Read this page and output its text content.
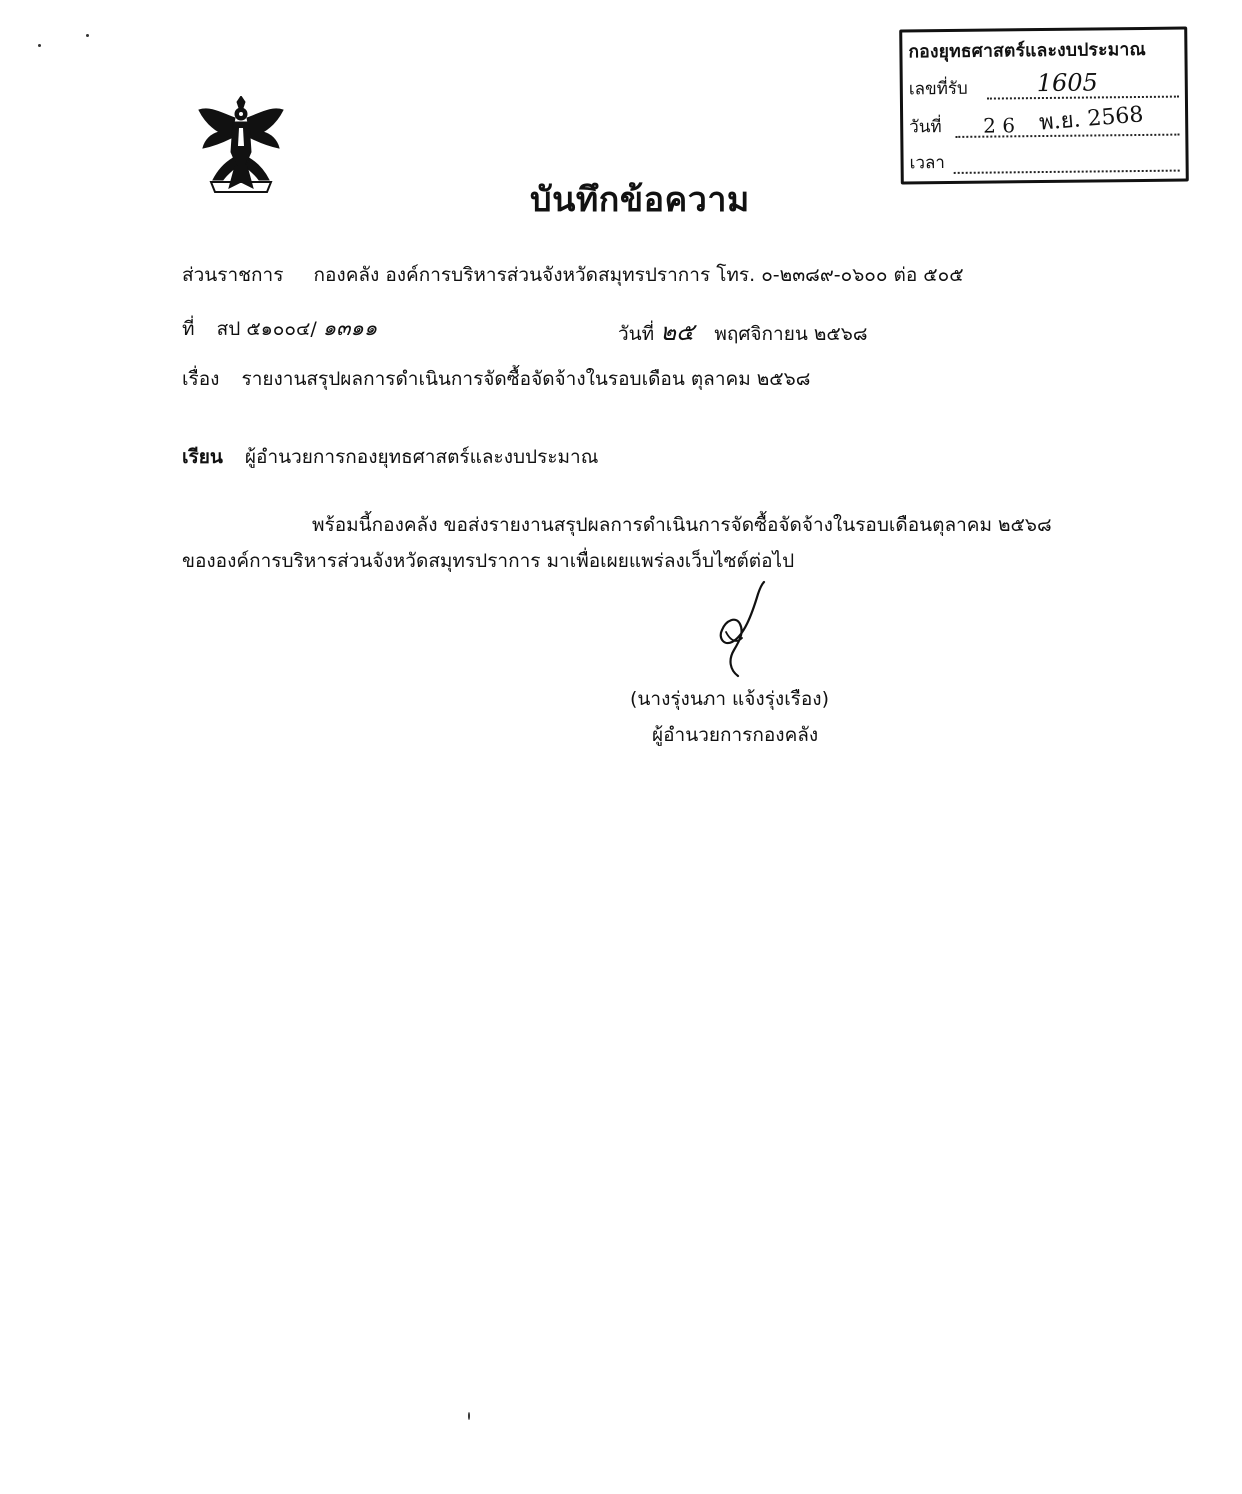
กองยุทธศาสตร์และงบประมาณ
เลขที่รับ	1605
วันที่ 2 6 พ.ย. 2568
เวลา
บันทึกข้อความ
ส่วนราชการ กองคลัง องค์การบริหารส่วนจังหวัดสมุทรปราการ โทร. ๐-๒๓๘๙-๐๖๐๐ ต่อ ๕๐๕
ที่ สป ๕๑๐๐๔/ ๑๓๑๑	วันที่ ๒๕ พฤศจิกายน ๒๕๖๘
เรื่อง รายงานสรุปผลการดำเนินการจัดซื้อจัดจ้างในรอบเดือน ตุลาคม ๒๕๖๘
เรียน ผู้อำนวยการกองยุทธศาสตร์และงบประมาณ
พร้อมนี้กองคลัง ขอส่งรายงานสรุปผลการดำเนินการจัดซื้อจัดจ้างในรอบเดือนตุลาคม ๒๕๖๘
ขององค์การบริหารส่วนจังหวัดสมุทรปราการ มาเพื่อเผยแพร่ลงเว็บไซต์ต่อไป
(นางรุ่งนภา แจ้งรุ่งเรือง)
ผู้อำนวยการกองคลัง
